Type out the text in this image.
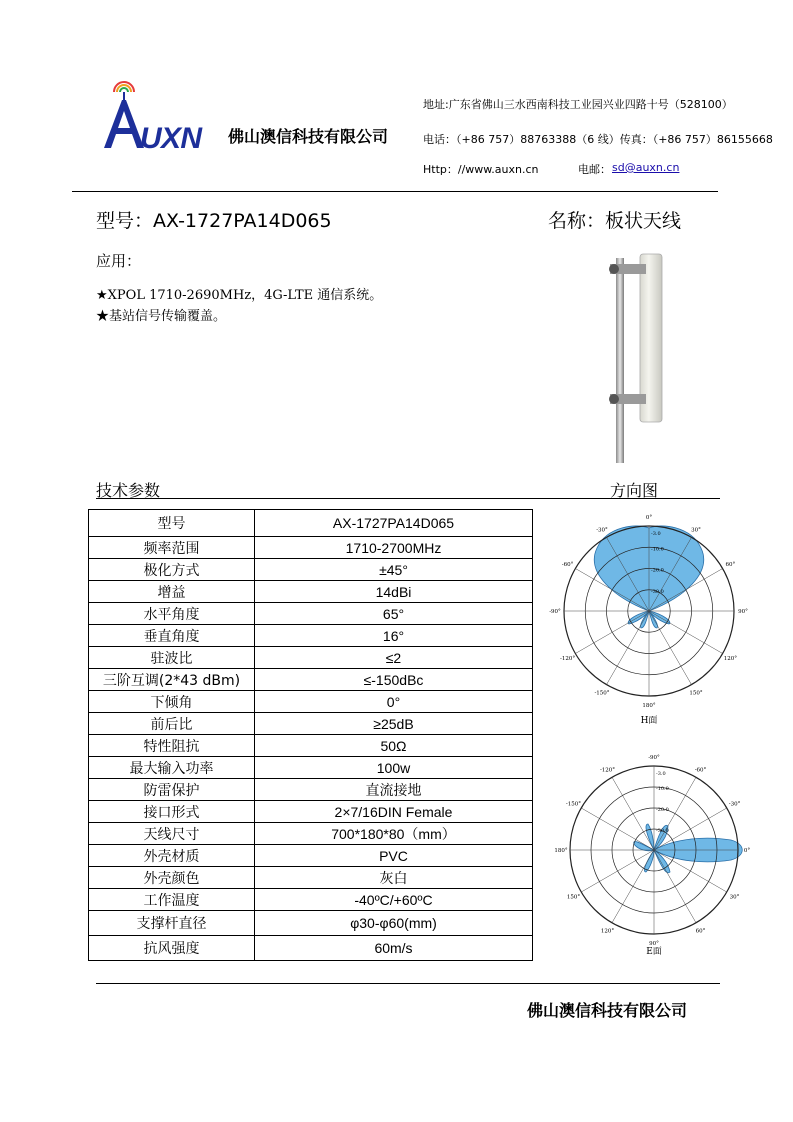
UXN 佛山澳信科技有限公司
地址:广东省佛山三水西南科技工业园兴业四路十号（528100）
电话：（+86 757）88763388（6 线）传真：（+86 757）86155668
Http：//www.auxn.cn	电邮： sd@auxn.cn
型号：AX-1727PA14D065	名称：板状天线
应用：
★XPOL 1710-2690MHz，4G-LTE 通信系统。
★基站信号传输覆盖。
技术参数	方向图
型号	AX-1727PA14D065
频率范围	1710-2700MHz
极化方式	±45°
增益	14dBi
水平角度	65°
垂直角度	16°
驻波比	≤2
三阶互调(2*43 dBm)	≤-150dBc
下倾角	0°
前后比	≥25dB
特性阻抗	50Ω
最大输入功率	100w
防雷保护	直流接地
接口形式	2×7/16DIN Female
天线尺寸	700*180*80（mm）
外壳材质	PVC
外壳颜色	灰白
工作温度	-40ºC/+60ºC
支撑杆直径	φ30-φ60(mm)
抗风强度	60m/s
0°
30°
60°
90°
120°
150°
180°
-150°
-120°
-90°
-60°
-30°
-3.0
-10.0
-20.0
-30.0
H面
-90°
-60°
-30°
0°
30°
60°
90°
120°
150°
180°
-150°
-120°
-3.0
-10.0
-20.0
-30.0
E面
佛山澳信科技有限公司
